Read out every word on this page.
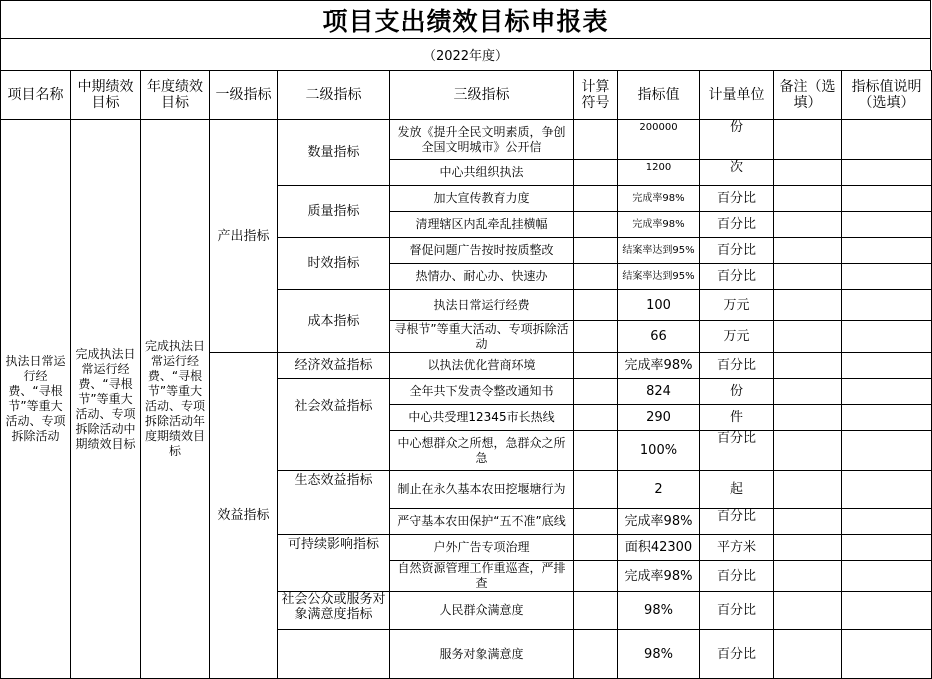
项目支出绩效目标申报表
（2022年度）
项目名称	中期绩效目标	年度绩效目标	一级指标	二级指标	三级指标	计算符号	指标值	计量单位	备注（选填）	指标值说明（选填）
执法日常运行经费、“寻根节”等重大活动、专项拆除活动	完成执法日常运行经费、“寻根节”等重大活动、专项拆除活动中期绩效目标	完成执法日常运行经费、“寻根节”等重大活动、专项拆除活动年度期绩效目标	产出指标	数量指标	发放《提升全民文明素质，争创全国文明城市》公开信		200000	份		
					中心共组织执法		1200	次		
				质量指标	加大宣传教育力度		完成率98%	百分比		
					清理辖区内乱牵乱挂横幅		完成率98%	百分比		
				时效指标	督促问题广告按时按质整改		结案率达到95%	百分比		
					热情办、耐心办、快速办		结案率达到95%	百分比		
				成本指标	执法日常运行经费		100	万元		
					寻根节”等重大活动、专项拆除活动		66	万元		
			效益指标	经济效益指标	以执法优化营商环境		完成率98%	百分比		
				社会效益指标	全年共下发责令整改通知书		824	份		
					中心共受理12345市长热线		290	件		
					中心想群众之所想，急群众之所急		100%	百分比		
				生态效益指标	制止在永久基本农田挖堰塘行为		2	起		
					严守基本农田保护“五不准”底线		完成率98%	百分比		
				可持续影响指标	户外广告专项治理		面积42300	平方米		
					自然资源管理工作重巡查，严排查		完成率98%	百分比		
				社会公众或服务对象满意度指标	人民群众满意度		98%	百分比		
					服务对象满意度		98%	百分比		
